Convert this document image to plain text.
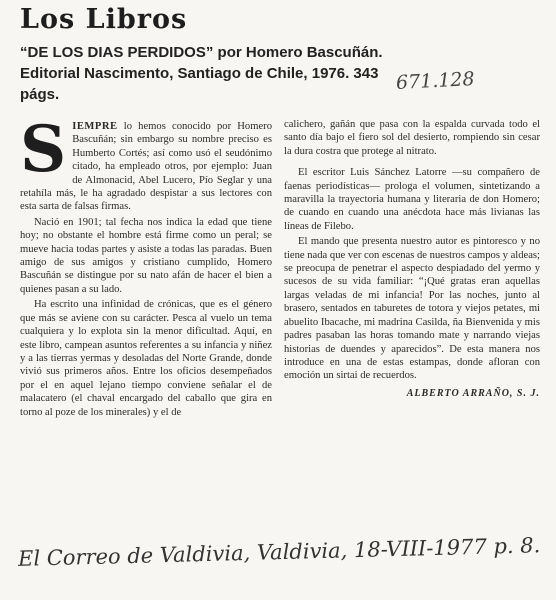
Los Libros
“DE LOS DIAS PERDIDOS” por Homero Bascuñán. Editorial Nascimento, Santiago de Chile, 1976. 343 págs.
671.128

SIEMPRE lo hemos conocido por Homero Bascuñán; sin embargo su nombre preciso es Humberto Cortés; así como usó el seudónimo citado, ha empleado otros, por ejemplo: Juan de Almonacid, Abel Lucero, Pío Seglar y una retahíla más, le ha agradado despistar a sus lectores con esta sarta de falsas firmas.

Nació en 1901; tal fecha nos indica la edad que tiene hoy; no obstante el hombre está firme como un peral; se mueve hacia todas partes y asiste a todas las paradas. Buen amigo de sus amigos y cristiano cumplido, Homero Bascuñán se distingue por su nato afán de hacer el bien a quienes pasan a su lado.

Ha escrito una infinidad de crónicas, que es el género que más se aviene con su carácter. Pesca al vuelo un tema cualquiera y lo explota sin la menor dificultad. Aquí, en este libro, campean asuntos referentes a su infancia y niñez y a las tierras yermas y desoladas del Norte Grande, donde vivió sus primeros años. Entre los oficios desempeñados por el en aquel lejano tiempo conviene señalar el de malacatero (el chaval encargado del caballo que gira en torno al poze de los minerales) y el de

calichero, gañán que pasa con la espalda curvada todo el santo día bajo el fiero sol del desierto, rompiendo sin cesar la dura costra que protege al nitrato.

El escritor Luis Sánchez Latorre —su compañero de faenas periodísticas— prologa el volumen, sintetizando a maravilla la trayectoria humana y literaria de don Homero; de cuando en cuando una anécdota hace más livianas las líneas de Filebo.

El mando que presenta nuestro autor es pintoresco y no tiene nada que ver con escenas de nuestros campos y aldeas; se preocupa de penetrar el aspecto despiadado del yermo y sucesos de su vida familiar: “¡Qué gratas eran aquellas largas veladas de mi infancia! Por las noches, junto al brasero, sentados en taburetes de totora y viejos petates, mi abuelito Ibacache, mi madrina Casilda, ña Bienvenida y mis padres pasaban las horas tomando mate y narrando viejas historias de duendes y aparecidos”. De esta manera nos introduce en una de estas estampas, donde afloran con emoción un sirtai de recuerdos.

ALBERTO ARRAÑO, S. J.
El Correo de Valdivia, Valdivia, 18-VIII-1977 p. 8.
